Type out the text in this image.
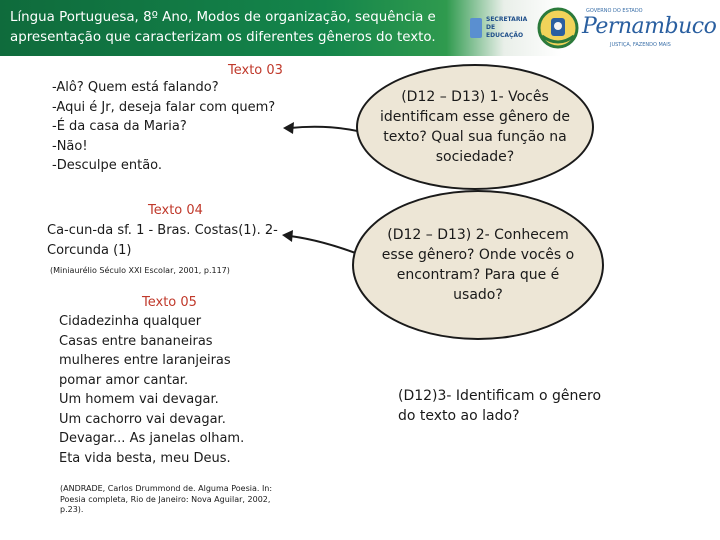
Língua Portuguesa, 8º Ano, Modos de organização, sequência e
apresentação que caracterizam os diferentes gêneros do texto.
SECRETARIA
DE EDUCAÇÃO
GOVERNO DO ESTADO
Pernambuco
JUSTIÇA, FAZENDO MAIS
Texto 03
-Alô? Quem está falando?
-Aqui é Jr, deseja falar com quem?
-É da casa da Maria?
-Não!
-Desculpe então.
Texto 04
Ca-cun-da sf. 1 - Bras. Costas(1). 2-
Corcunda (1)
(Miniaurélio Século XXI Escolar, 2001, p.117)
Texto 05
Cidadezinha qualquer
Casas entre bananeiras
mulheres entre laranjeiras
pomar amor cantar.
Um homem vai devagar.
Um cachorro vai devagar.
Devagar... As janelas olham.
Eta vida besta, meu Deus.
(ANDRADE, Carlos Drummond de. Alguma Poesia. In:
Poesia completa, Rio de Janeiro: Nova Aguilar, 2002,
p.23).
(D12 – D13) 1- Vocês
identificam esse gênero de
texto? Qual sua função na
sociedade?
(D12 – D13) 2- Conhecem
esse gênero? Onde vocês o
encontram? Para que é
usado?
(D12)3- Identificam o gênero
do texto ao lado?
